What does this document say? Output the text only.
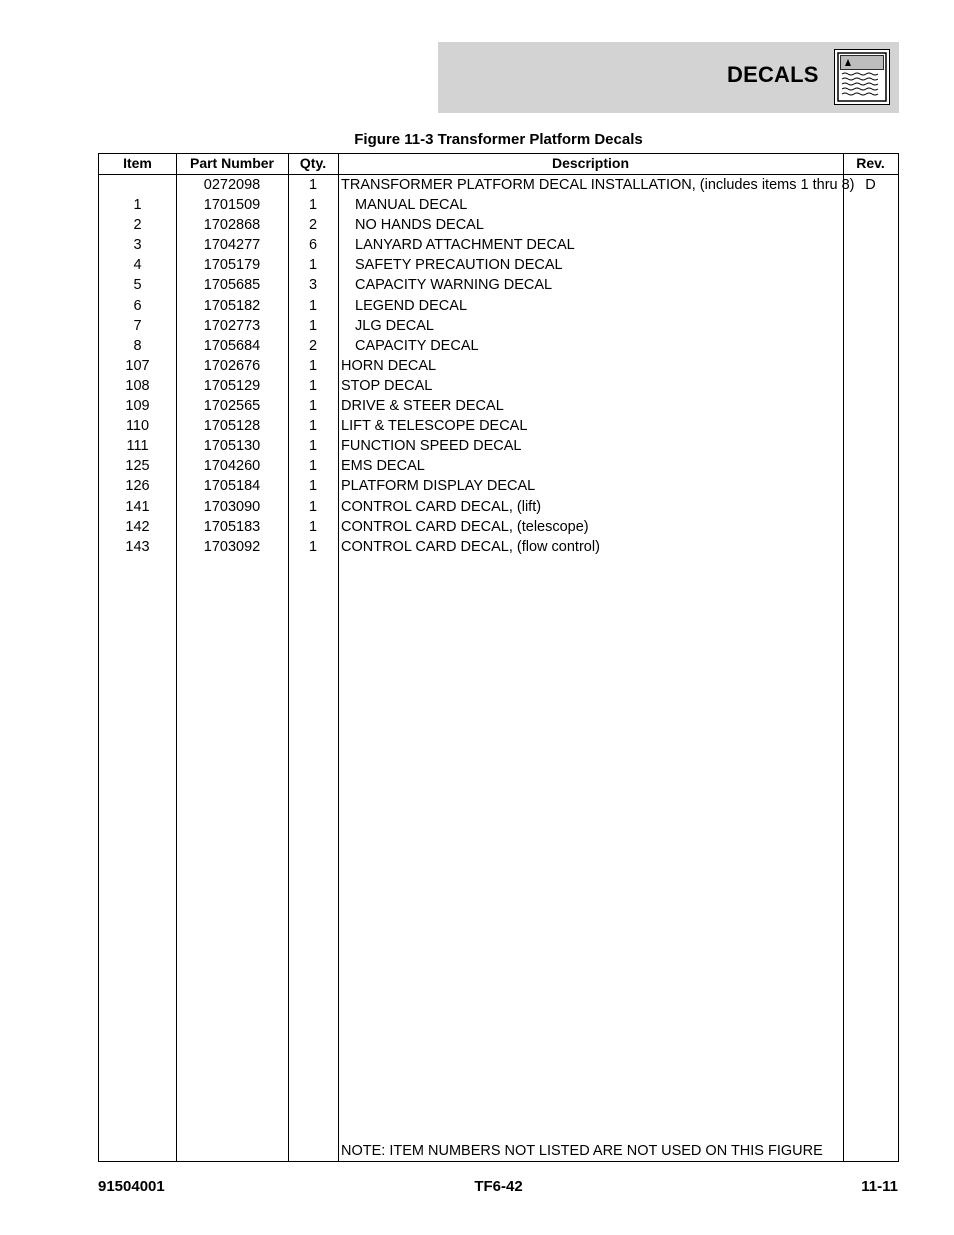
DECALS
Figure 11-3 Transformer Platform Decals
Item
1
2
3
4
5
6
7
8
107
108
109
110
111
125
126
141
142
143
Part Number
0272098
1701509
1702868
1704277
1705179
1705685
1705182
1702773
1705684
1702676
1705129
1702565
1705128
1705130
1704260
1705184
1703090
1705183
1703092
Qty.
1
1
2
6
1
3
1
1
2
1
1
1
1
1
1
1
1
1
1
Description
TRANSFORMER PLATFORM DECAL INSTALLATION, (includes items 1 thru 8)
MANUAL DECAL
NO HANDS DECAL
LANYARD ATTACHMENT DECAL
SAFETY PRECAUTION DECAL
CAPACITY WARNING DECAL
LEGEND DECAL
JLG DECAL
CAPACITY DECAL
HORN DECAL
STOP DECAL
DRIVE & STEER DECAL
LIFT & TELESCOPE DECAL
FUNCTION SPEED DECAL
EMS DECAL
PLATFORM DISPLAY DECAL
CONTROL CARD DECAL, (lift)
CONTROL CARD DECAL, (telescope)
CONTROL CARD DECAL, (flow control)
NOTE: ITEM NUMBERS NOT LISTED ARE NOT USED ON THIS FIGURE
Rev.
D
91504001	TF6-42	11-11
